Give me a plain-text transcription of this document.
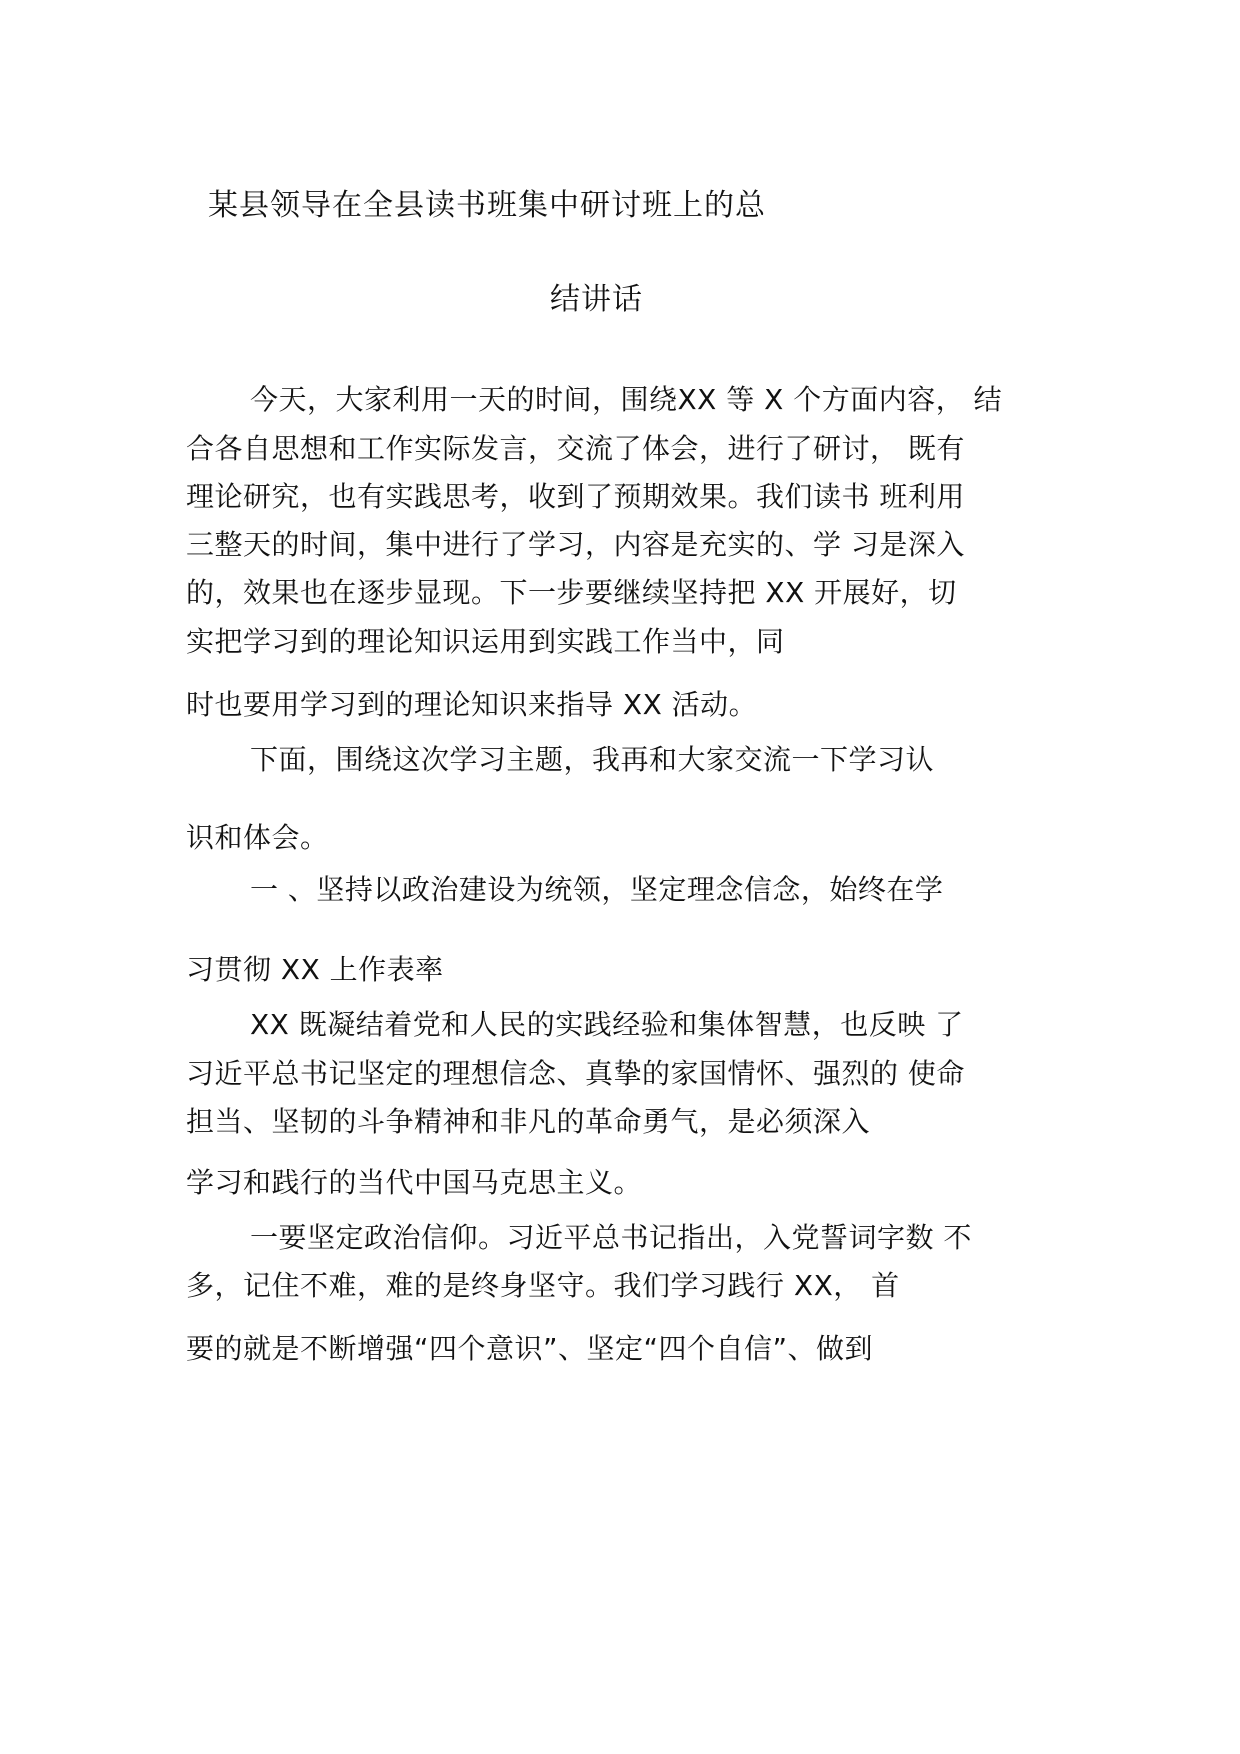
某县领导在全县读书班集中研讨班上的总
结讲话
今天，大家利用一天的时间，围绕XX 等 X 个方面内容， 结
合各自思想和工作实际发言，交流了体会，进行了研讨， 既有
理论研究，也有实践思考，收到了预期效果。我们读书 班利用
三整天的时间，集中进行了学习，内容是充实的、学 习是深入
的，效果也在逐步显现。下一步要继续坚持把 XX 开展好，切
实把学习到的理论知识运用到实践工作当中，同
时也要用学习到的理论知识来指导 XX 活动。
下面，围绕这次学习主题，我再和大家交流一下学习认
识和体会。
一 、坚持以政治建设为统领，坚定理念信念，始终在学
习贯彻 XX 上作表率
XX 既凝结着党和人民的实践经验和集体智慧，也反映 了
习近平总书记坚定的理想信念、真挚的家国情怀、强烈的 使命
担当、坚韧的斗争精神和非凡的革命勇气，是必须深入
学习和践行的当代中国马克思主义。
一要坚定政治信仰。习近平总书记指出，入党誓词字数 不
多，记住不难，难的是终身坚守。我们学习践行 XX， 首
要的就是不断增强“四个意识”、坚定“四个自信”、做到
